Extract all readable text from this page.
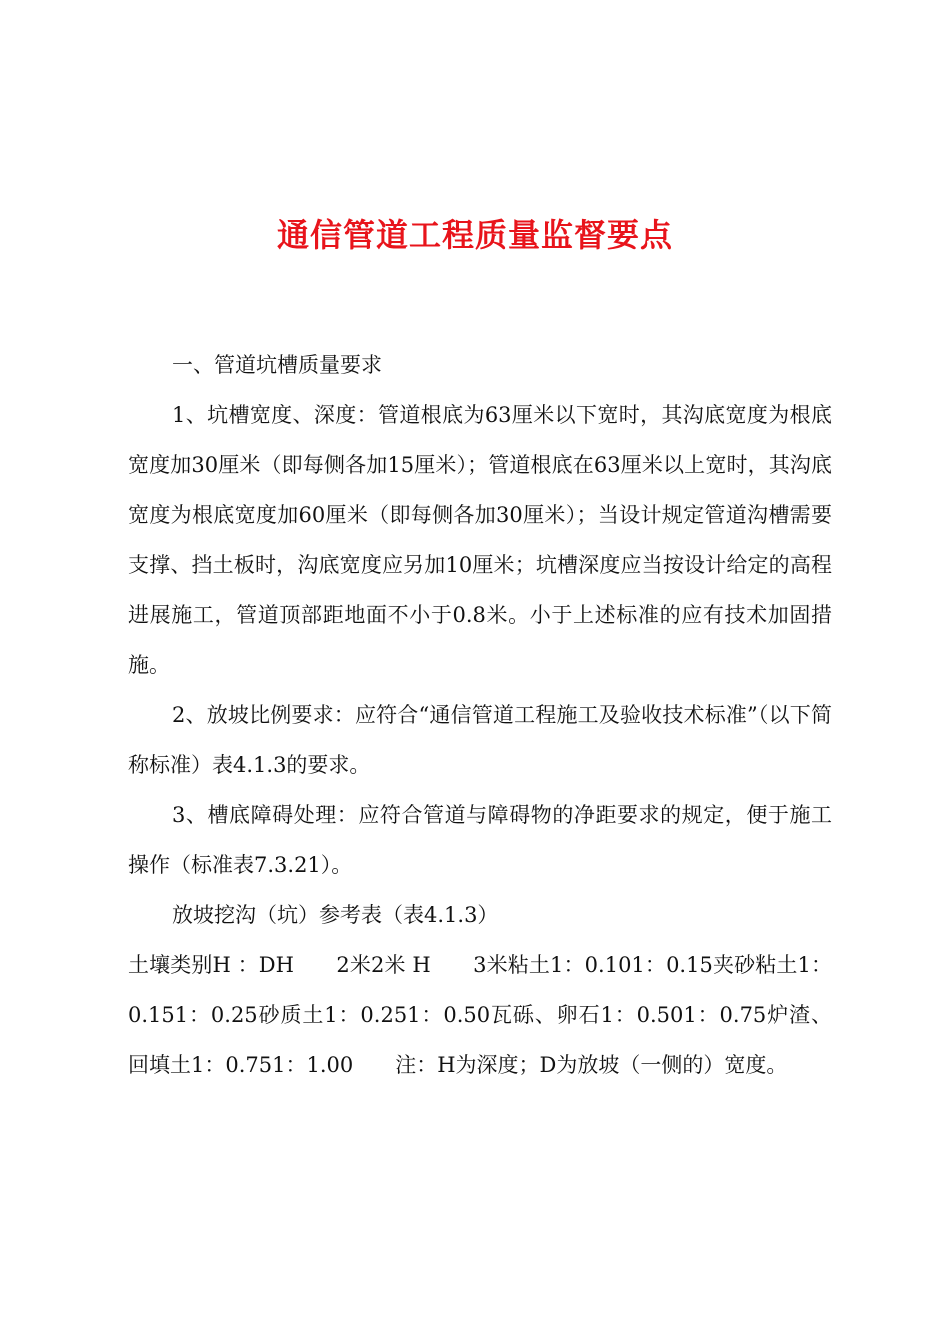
通信管道工程质量监督要点

一、管道坑槽质量要求

1、坑槽宽度、深度：管道根底为63厘米以下宽时，其沟底宽度为根底宽度加30厘米（即每侧各加15厘米）；管道根底在63厘米以上宽时，其沟底宽度为根底宽度加60厘米（即每侧各加30厘米）；当设计规定管道沟槽需要支撑、挡土板时，沟底宽度应另加10厘米；坑槽深度应当按设计给定的高程进展施工，管道顶部距地面不小于0.8米。小于上述标准的应有技术加固措施。

2、放坡比例要求：应符合“通信管道工程施工及验收技术标准”（以下简称标准）表4.1.3的要求。

3、槽底障碍处理：应符合管道与障碍物的净距要求的规定，便于施工操作（标准表7.3.21）。

放坡挖沟（坑）参考表（表4.1.3）

土壤类别H ：DH　　2米2米 H　　3米粘土1：0.101：0.15夹砂粘土1：0.151：0.25砂质土1：0.251：0.50瓦砾、卵石1：0.501：0.75炉渣、回填土1：0.751：1.00　　注：H为深度；D为放坡（一侧的）宽度。
